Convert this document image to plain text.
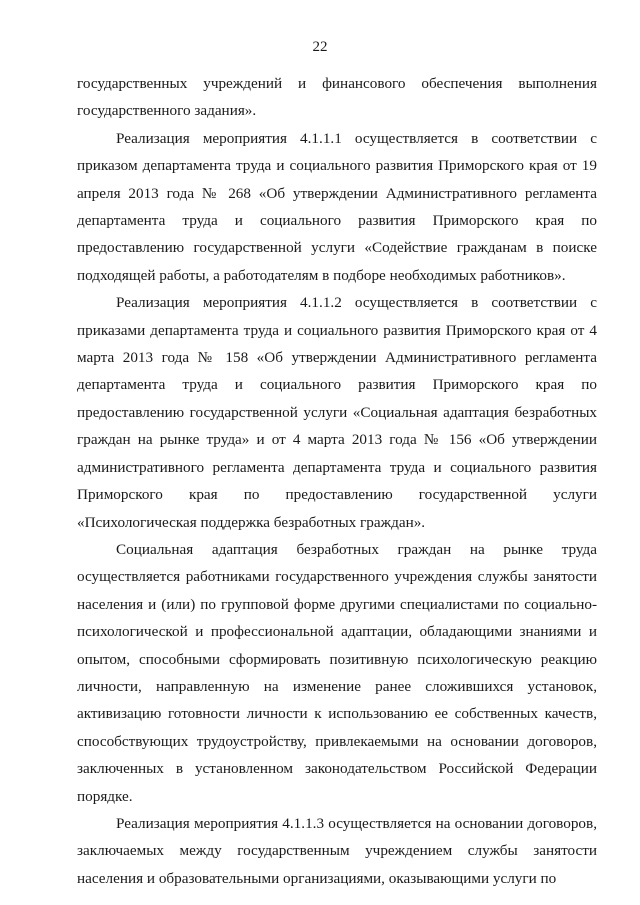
22

государственных учреждений и финансового обеспечения выполнения государственного задания».

Реализация мероприятия 4.1.1.1 осуществляется в соответствии с приказом департамента труда и социального развития Приморского края от 19 апреля 2013 года № 268 «Об утверждении Административного регламента департамента труда и социального развития Приморского края по предоставлению государственной услуги «Содействие гражданам в поиске подходящей работы, а работодателям в подборе необходимых работников».

Реализация мероприятия 4.1.1.2 осуществляется в соответствии с приказами департамента труда и социального развития Приморского края от 4 марта 2013 года № 158 «Об утверждении Административного регламента департамента труда и социального развития Приморского края по предоставлению государственной услуги «Социальная адаптация безработных граждан на рынке труда» и от 4 марта 2013 года № 156 «Об утверждении административного регламента департамента труда и социального развития Приморского края по предоставлению государственной услуги «Психологическая поддержка безработных граждан».

Социальная адаптация безработных граждан на рынке труда осуществляется работниками государственного учреждения службы занятости населения и (или) по групповой форме другими специалистами по социально-психологической и профессиональной адаптации, обладающими знаниями и опытом, способными сформировать позитивную психологическую реакцию личности, направленную на изменение ранее сложившихся установок, активизацию готовности личности к использованию ее собственных качеств, способствующих трудоустройству, привлекаемыми на основании договоров, заключенных в установленном законодательством Российской Федерации порядке.

Реализация мероприятия 4.1.1.3 осуществляется на основании договоров, заключаемых между государственным учреждением службы занятости населения и образовательными организациями, оказывающими услуги по
